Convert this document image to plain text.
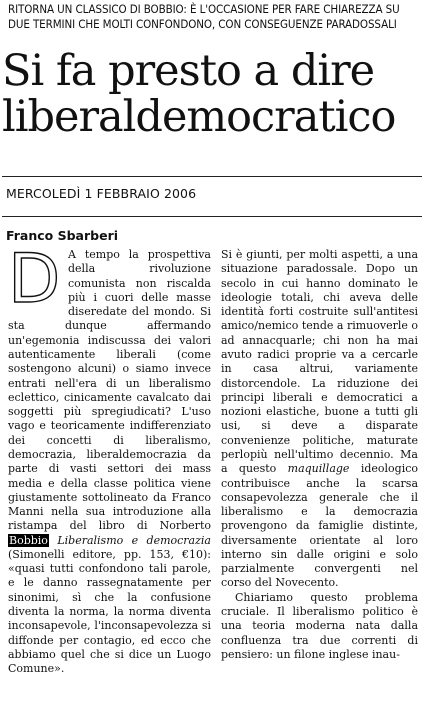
RITORNA UN CLASSICO DI BOBBIO: È L'OCCASIONE PER FARE CHIAREZZA SU
DUE TERMINI CHE MOLTI CONFONDONO, CON CONSEGUENZE PARADOSSALI
Si fa presto a dire
liberaldemocratico
MERCOLEDÌ 1 FEBBRAIO 2006
Franco Sbarberi

D A tempo la prospettiva della rivoluzione comunista non riscalda più i cuori delle masse diseredate del mondo. Si sta dunque affermando un'egemonia indiscussa dei valori autenticamente liberali (come sostengono alcuni) o siamo invece entrati nell'era di un liberalismo eclettico, cinicamente cavalcato dai soggetti più spregiudicati? L'uso vago e teoricamente indifferenziato dei concetti di liberalismo, democrazia, liberaldemocrazia da parte di vasti settori dei mass media e della classe politica viene giustamente sottolineato da Franco Manni nella sua introduzione alla ristampa del libro di Norberto Bobbio Liberalismo e democrazia (Simonelli editore, pp. 153, €10): «quasi tutti confondono tali parole, e le danno rassegnatamente per sinonimi, sì che la confusione diventa la norma, la norma diventa inconsapevole, l'inconsapevolezza si diffonde per contagio, ed ecco che abbiamo quel che si dice un Luogo Comune».

Si è giunti, per molti aspetti, a una situazione paradossale. Dopo un secolo in cui hanno dominato le ideologie totali, chi aveva delle identità forti costruite sull'antitesi amico/nemico tende a rimuoverle o ad annacquarle; chi non ha mai avuto radici proprie va a cercarle in casa altrui, variamente distorcendole. La riduzione dei principi liberali e democratici a nozioni elastiche, buone a tutti gli usi, si deve a disparate convenienze politiche, maturate perlopiù nell'ultimo decennio. Ma a questo maquillage ideologico contribuisce anche la scarsa consapevolezza generale che il liberalismo e la democrazia provengono da famiglie distinte, diversamente orientate al loro interno sin dalle origini e solo parzialmente convergenti nel corso del Novecento.

Chiariamo questo problema cruciale. Il liberalismo politico è una teoria moderna nata dalla confluenza tra due correnti di pensiero: un filone inglese inau-
